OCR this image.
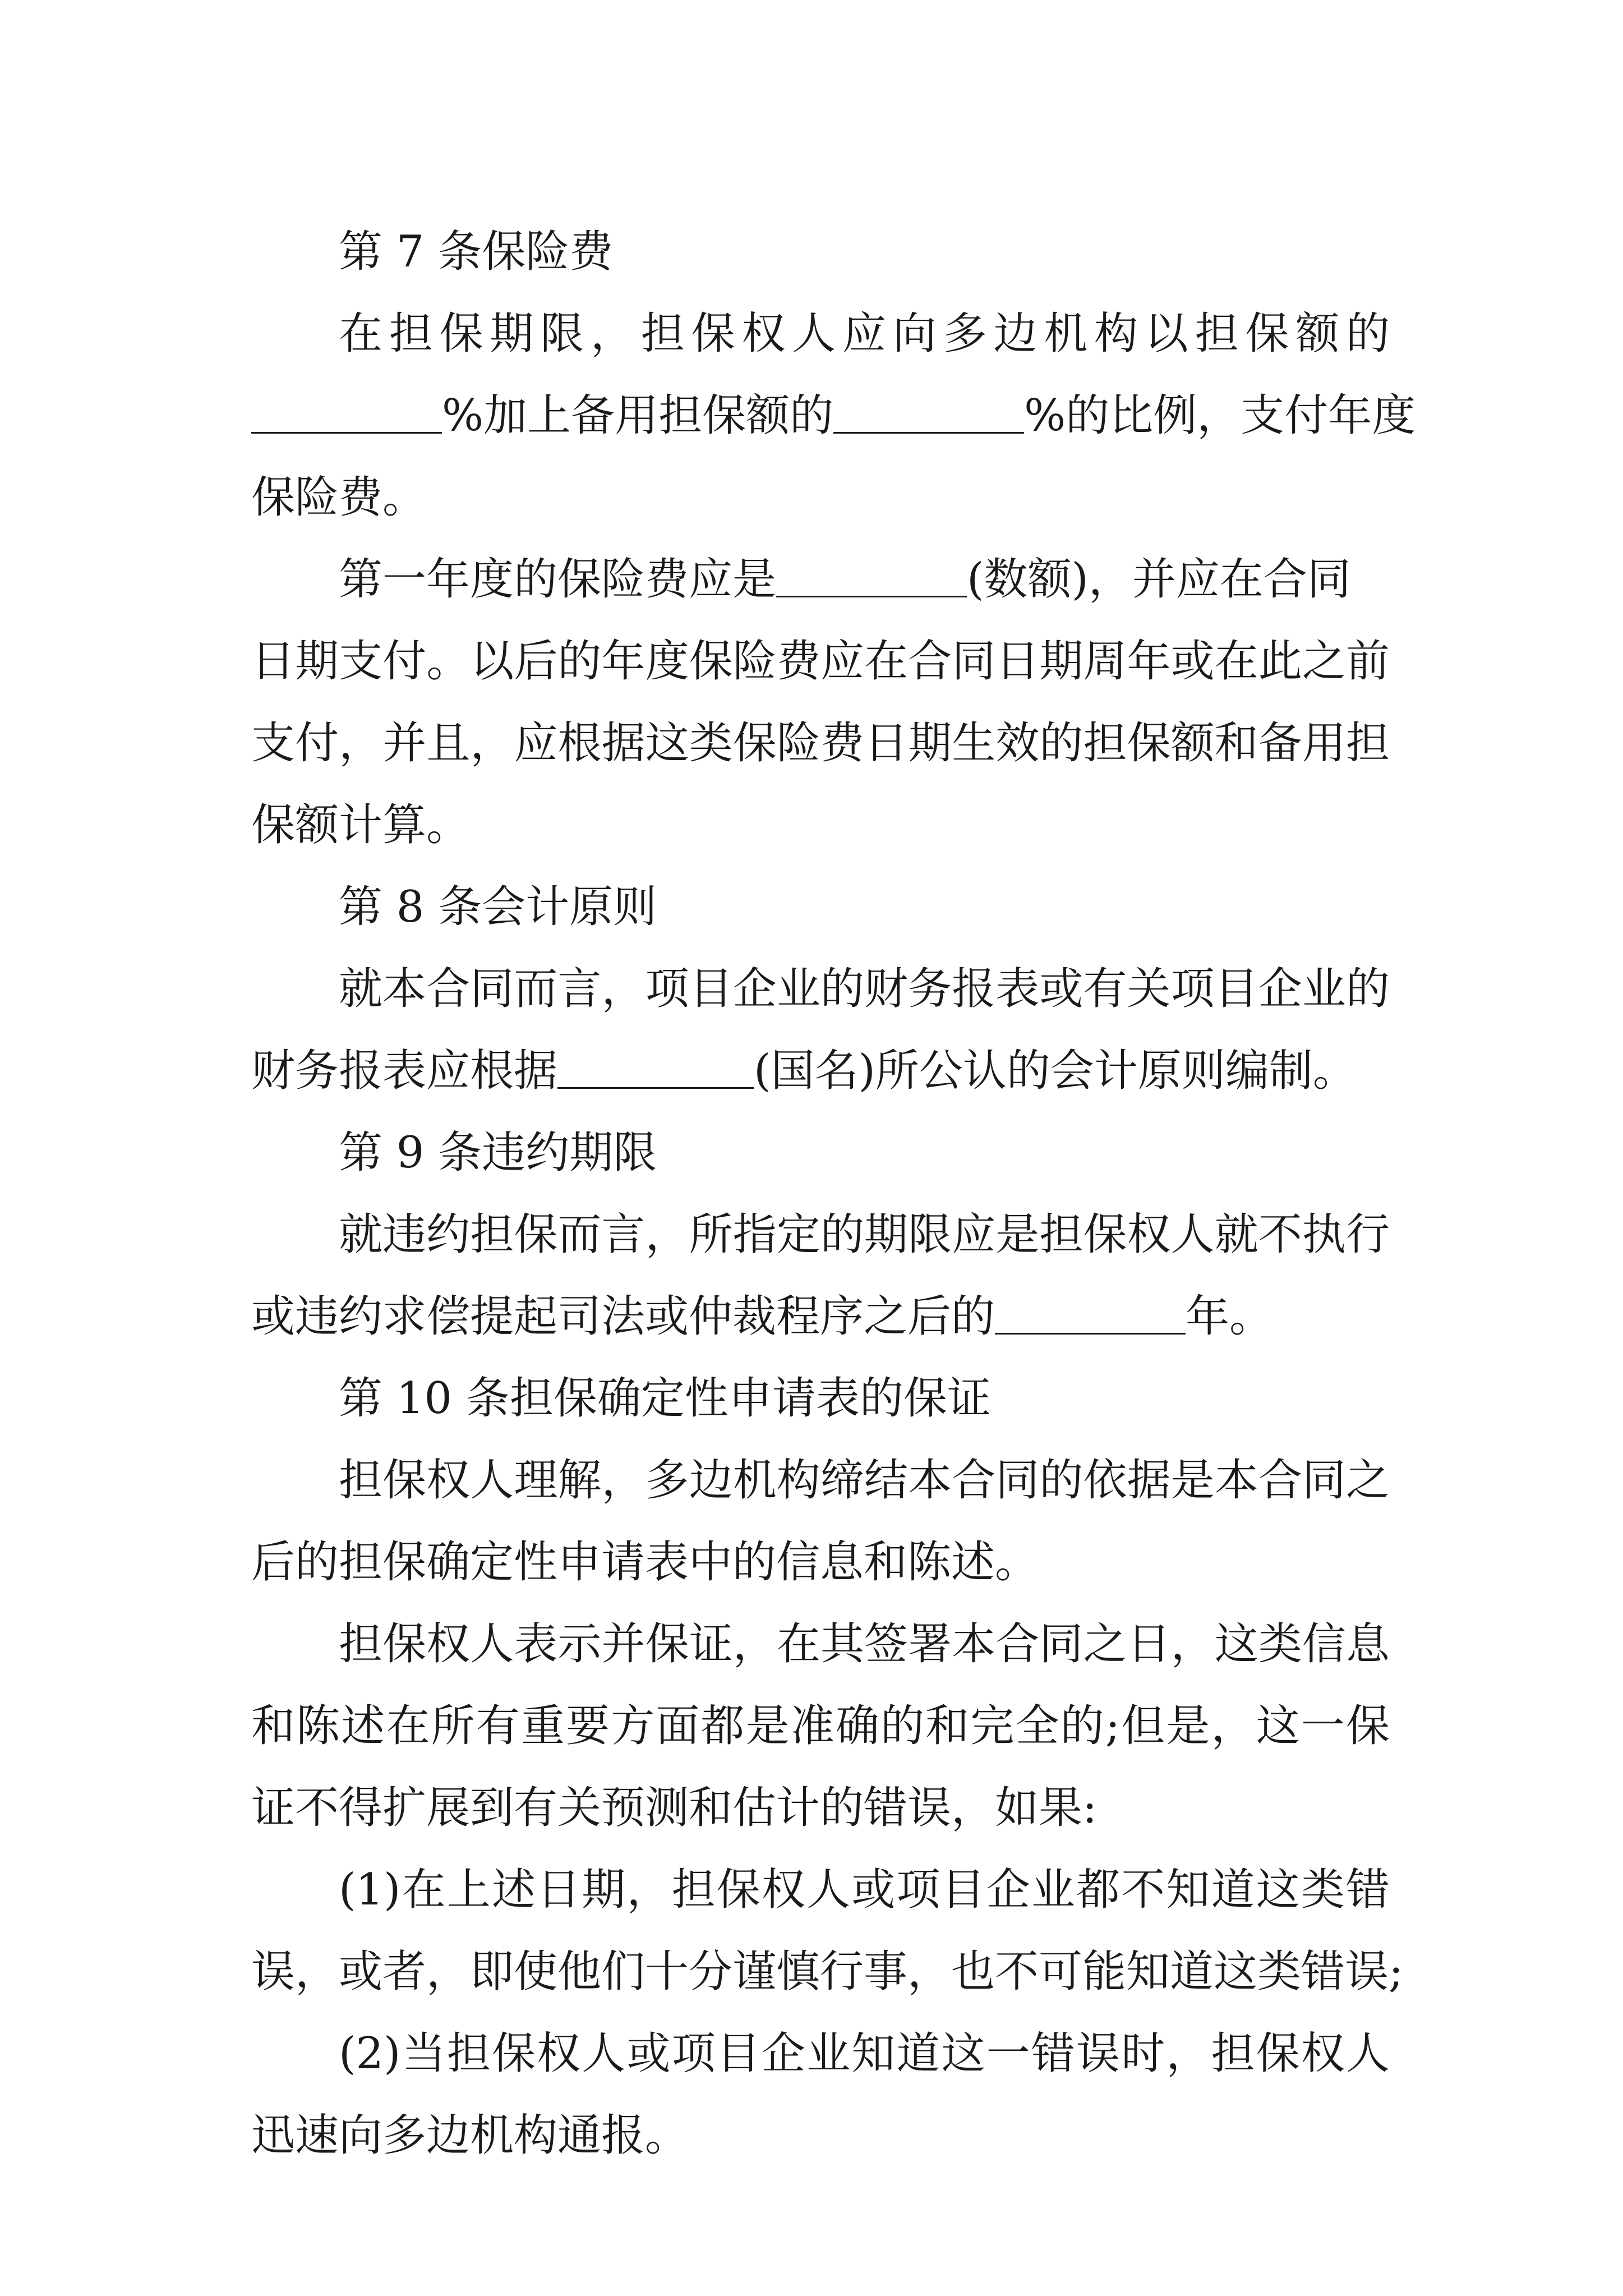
第 7 条保险费
在担保期限，担保权人应向多边机构以担保额的
%加上备用担保额的	%的比例，支付年度
保险费。
第一年度的保险费应是	(数额)，并应在合同
日期支付。以后的年度保险费应在合同日期周年或在此之前
支付，并且，应根据这类保险费日期生效的担保额和备用担
保额计算。
第 8 条会计原则
就本合同而言，项目企业的财务报表或有关项目企业的
财务报表应根据	(国名)所公认的会计原则编制。
第 9 条违约期限
就违约担保而言，所指定的期限应是担保权人就不执行
或违约求偿提起司法或仲裁程序之后的	年。
第 10 条担保确定性申请表的保证
担保权人理解，多边机构缔结本合同的依据是本合同之
后的担保确定性申请表中的信息和陈述。
担保权人表示并保证，在其签署本合同之日，这类信息
和陈述在所有重要方面都是准确的和完全的;但是，这一保
证不得扩展到有关预测和估计的错误，如果:
(1)在上述日期，担保权人或项目企业都不知道这类错
误，或者，即使他们十分谨慎行事，也不可能知道这类错误;
(2)当担保权人或项目企业知道这一错误时，担保权人
迅速向多边机构通报。
